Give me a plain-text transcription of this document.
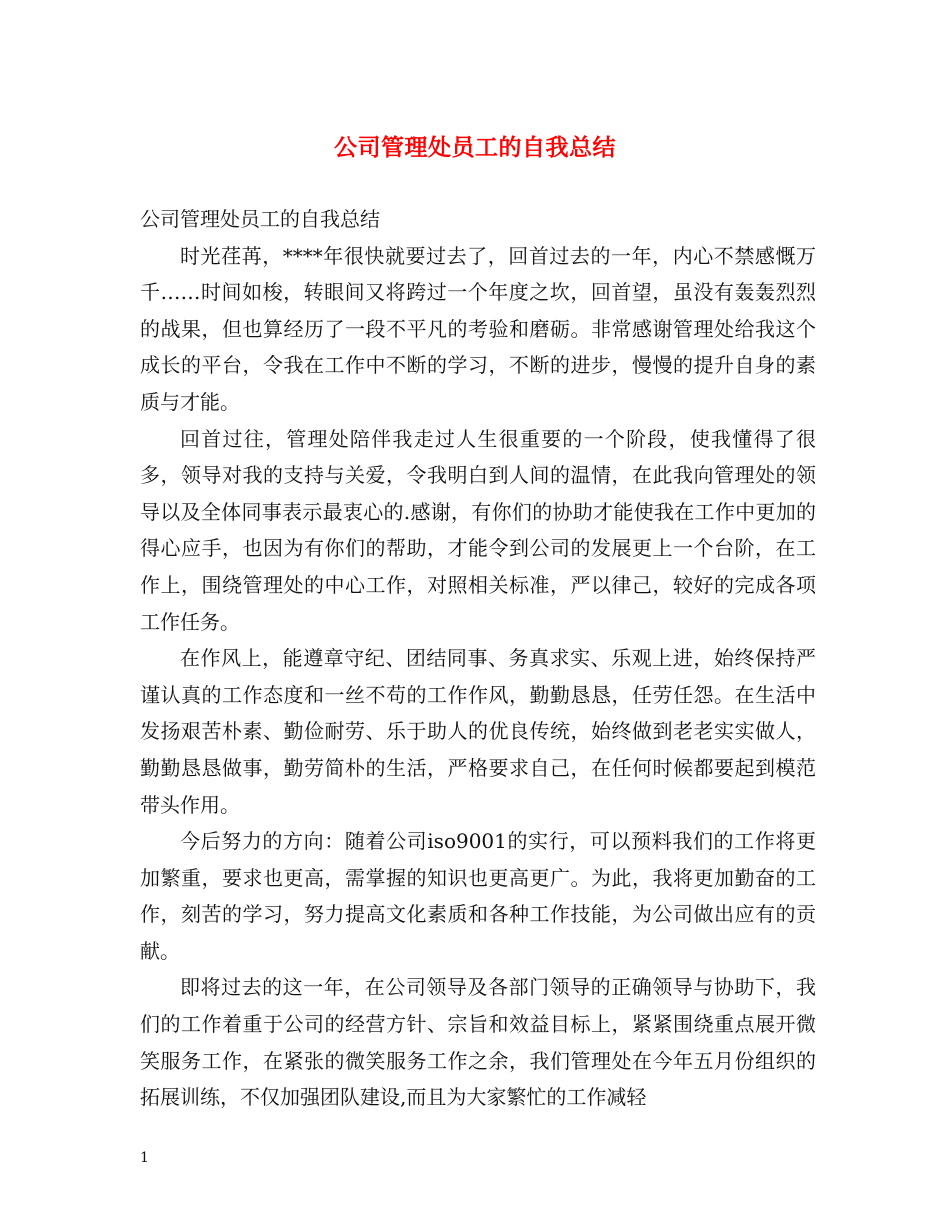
公司管理处员工的自我总结

公司管理处员工的自我总结

时光荏苒，****年很快就要过去了，回首过去的一年，内心不禁感慨万千……时间如梭，转眼间又将跨过一个年度之坎，回首望，虽没有轰轰烈烈的战果，但也算经历了一段不平凡的考验和磨砺。非常感谢管理处给我这个成长的平台，令我在工作中不断的学习，不断的进步，慢慢的提升自身的素质与才能。

回首过往，管理处陪伴我走过人生很重要的一个阶段，使我懂得了很多，领导对我的支持与关爱，令我明白到人间的温情，在此我向管理处的领导以及全体同事表示最衷心的.感谢，有你们的协助才能使我在工作中更加的得心应手，也因为有你们的帮助，才能令到公司的发展更上一个台阶，在工作上，围绕管理处的中心工作，对照相关标准，严以律己，较好的完成各项工作任务。

在作风上，能遵章守纪、团结同事、务真求实、乐观上进，始终保持严谨认真的工作态度和一丝不苟的工作作风，勤勤恳恳，任劳任怨。在生活中发扬艰苦朴素、勤俭耐劳、乐于助人的优良传统，始终做到老老实实做人，勤勤恳恳做事，勤劳简朴的生活，严格要求自己，在任何时候都要起到模范带头作用。

今后努力的方向：随着公司iso9001的实行，可以预料我们的工作将更加繁重，要求也更高，需掌握的知识也更高更广。为此，我将更加勤奋的工作，刻苦的学习，努力提高文化素质和各种工作技能，为公司做出应有的贡献。

即将过去的这一年，在公司领导及各部门领导的正确领导与协助下，我们的工作着重于公司的经营方针、宗旨和效益目标上，紧紧围绕重点展开微笑服务工作，在紧张的微笑服务工作之余，我们管理处在今年五月份组织的拓展训练，不仅加强团队建设,而且为大家繁忙的工作减轻

1
